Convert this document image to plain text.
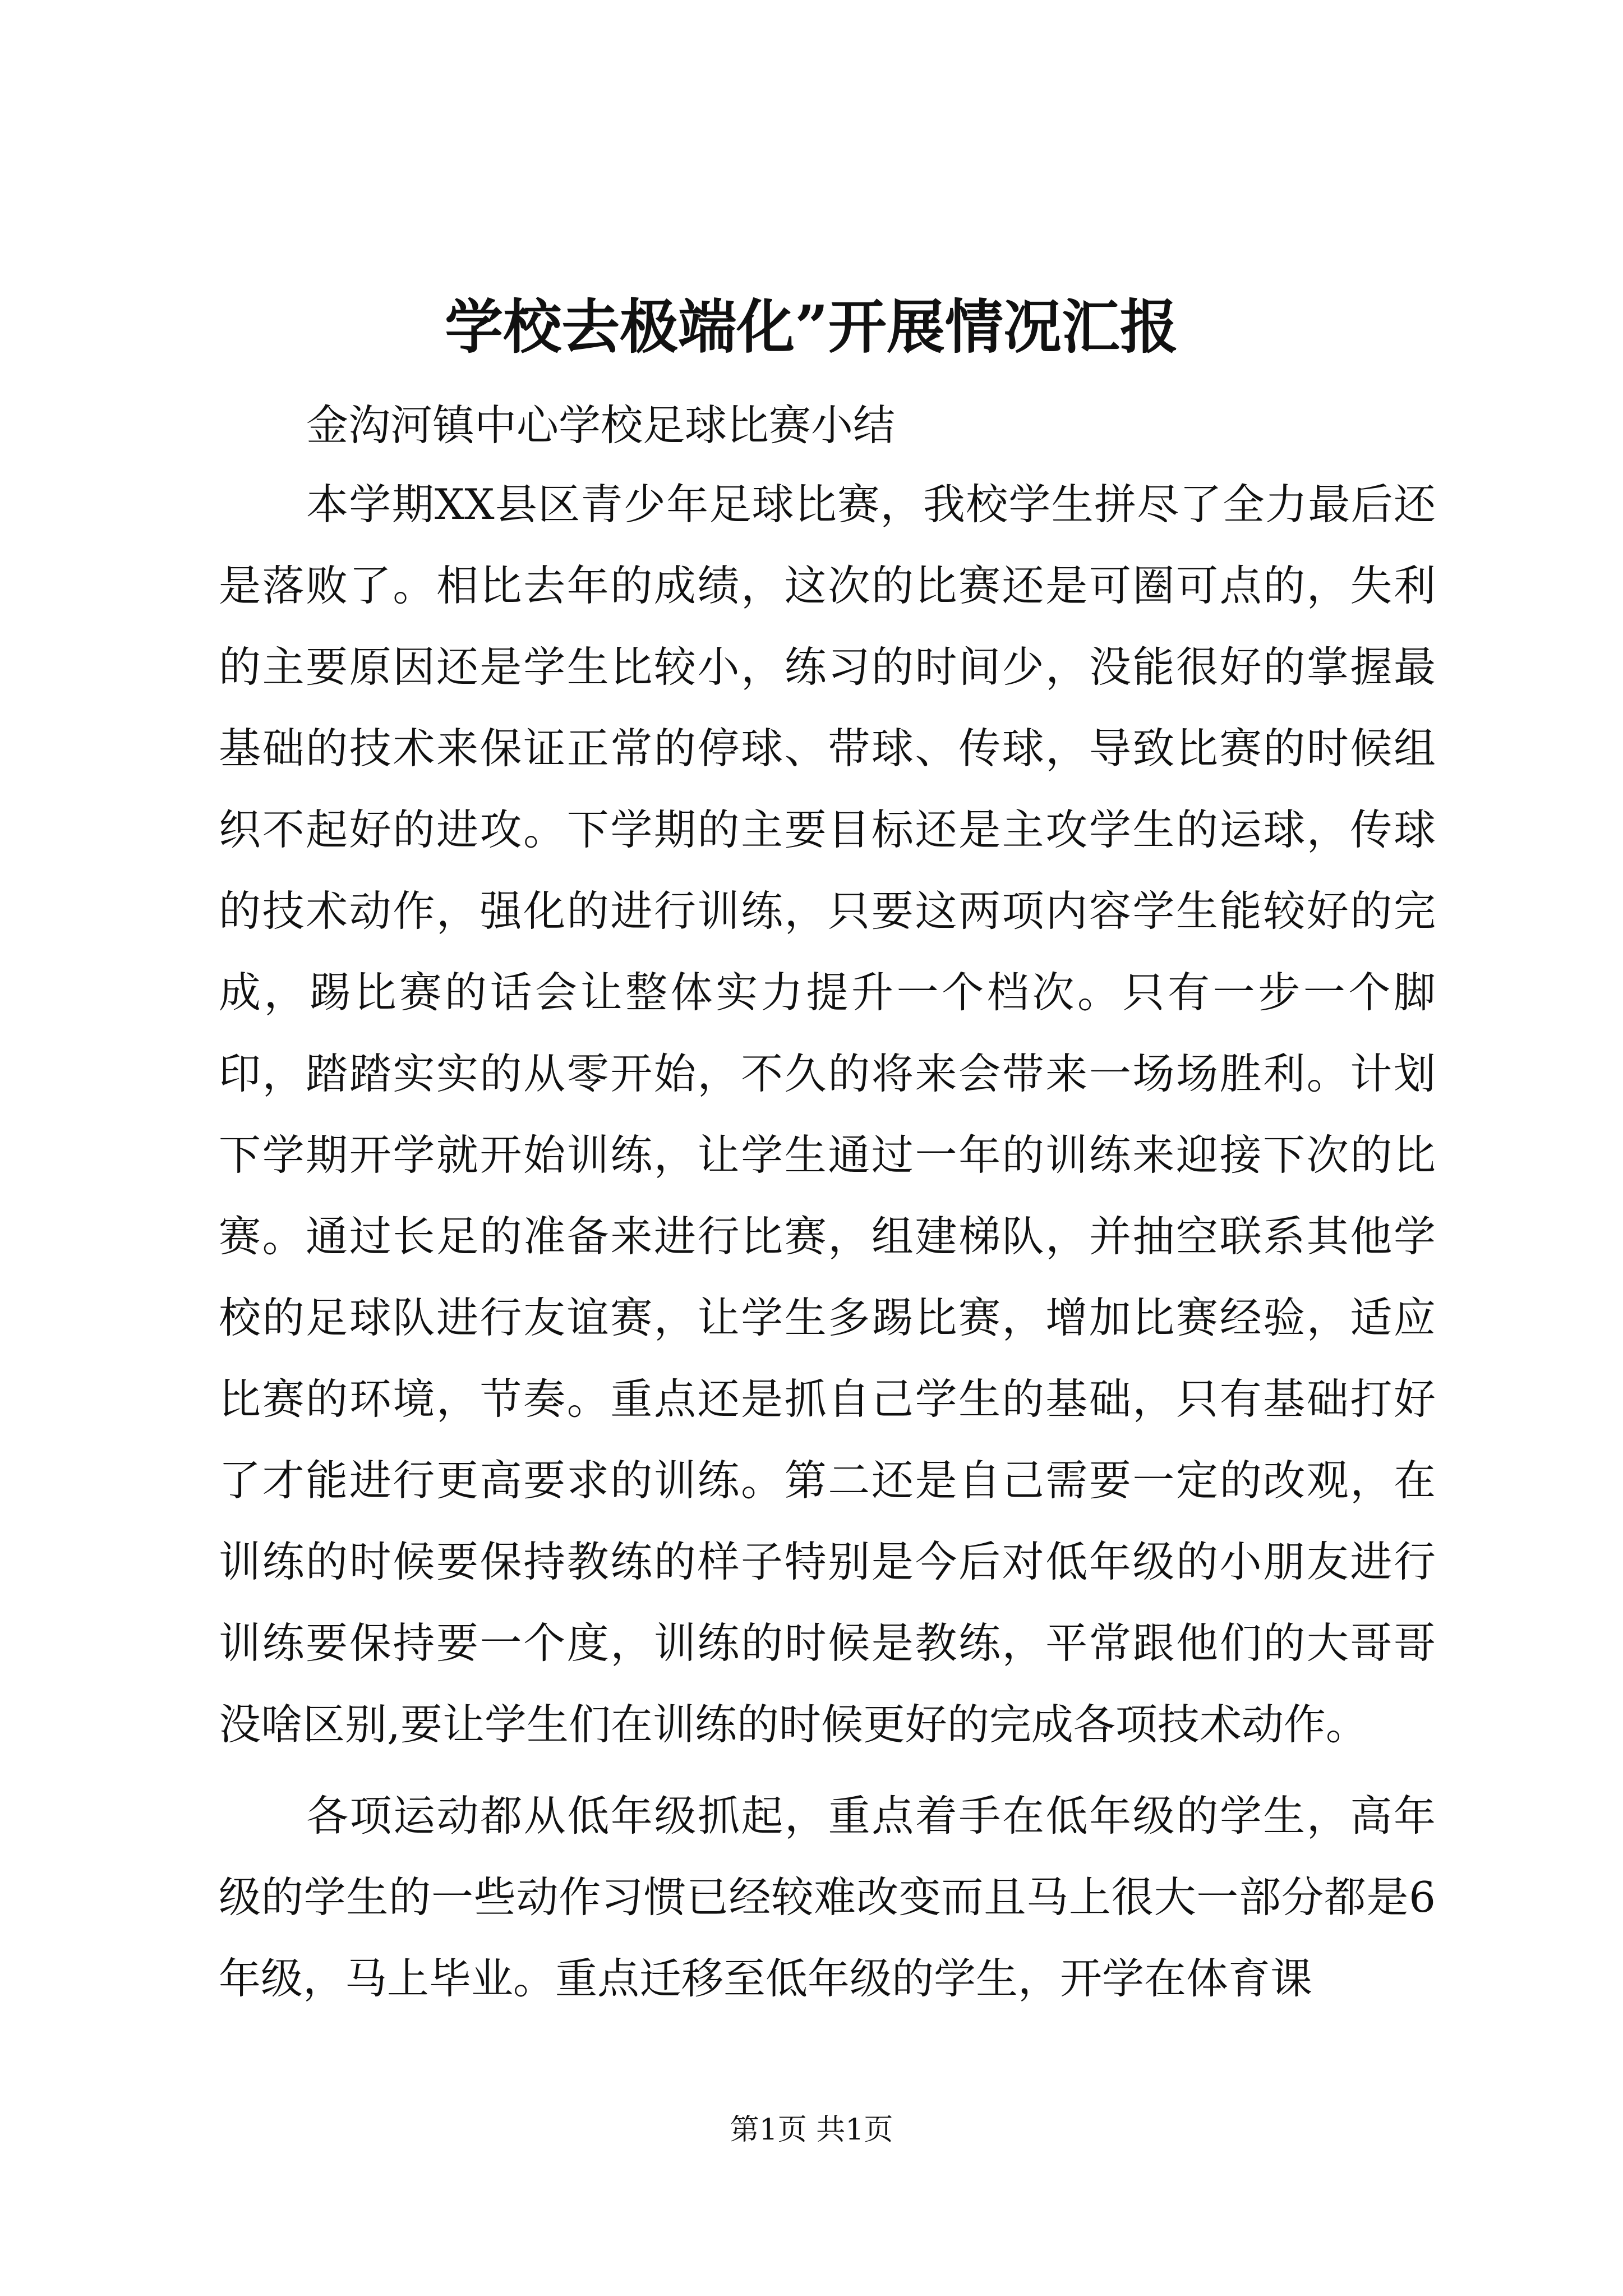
学校去极端化”开展情况汇报

金沟河镇中心学校足球比赛小结

本学期XX县区青少年足球比赛，我校学生拼尽了全力最后还是落败了。相比去年的成绩，这次的比赛还是可圈可点的，失利的主要原因还是学生比较小，练习的时间少，没能很好的掌握最基础的技术来保证正常的停球、带球、传球，导致比赛的时候组织不起好的进攻。下学期的主要目标还是主攻学生的运球，传球的技术动作，强化的进行训练，只要这两项内容学生能较好的完成，踢比赛的话会让整体实力提升一个档次。只有一步一个脚印，踏踏实实的从零开始，不久的将来会带来一场场胜利。计划下学期开学就开始训练，让学生通过一年的训练来迎接下次的比赛。通过长足的准备来进行比赛，组建梯队，并抽空联系其他学校的足球队进行友谊赛，让学生多踢比赛，增加比赛经验，适应比赛的环境，节奏。重点还是抓自己学生的基础，只有基础打好了才能进行更高要求的训练。第二还是自己需要一定的改观，在训练的时候要保持教练的样子特别是今后对低年级的小朋友进行训练要保持要一个度，训练的时候是教练，平常跟他们的大哥哥没啥区别,要让学生们在训练的时候更好的完成各项技术动作。

各项运动都从低年级抓起，重点着手在低年级的学生，高年级的学生的一些动作习惯已经较难改变而且马上很大一部分都是6年级，马上毕业。重点迁移至低年级的学生，开学在体育课

第1页 共1页
